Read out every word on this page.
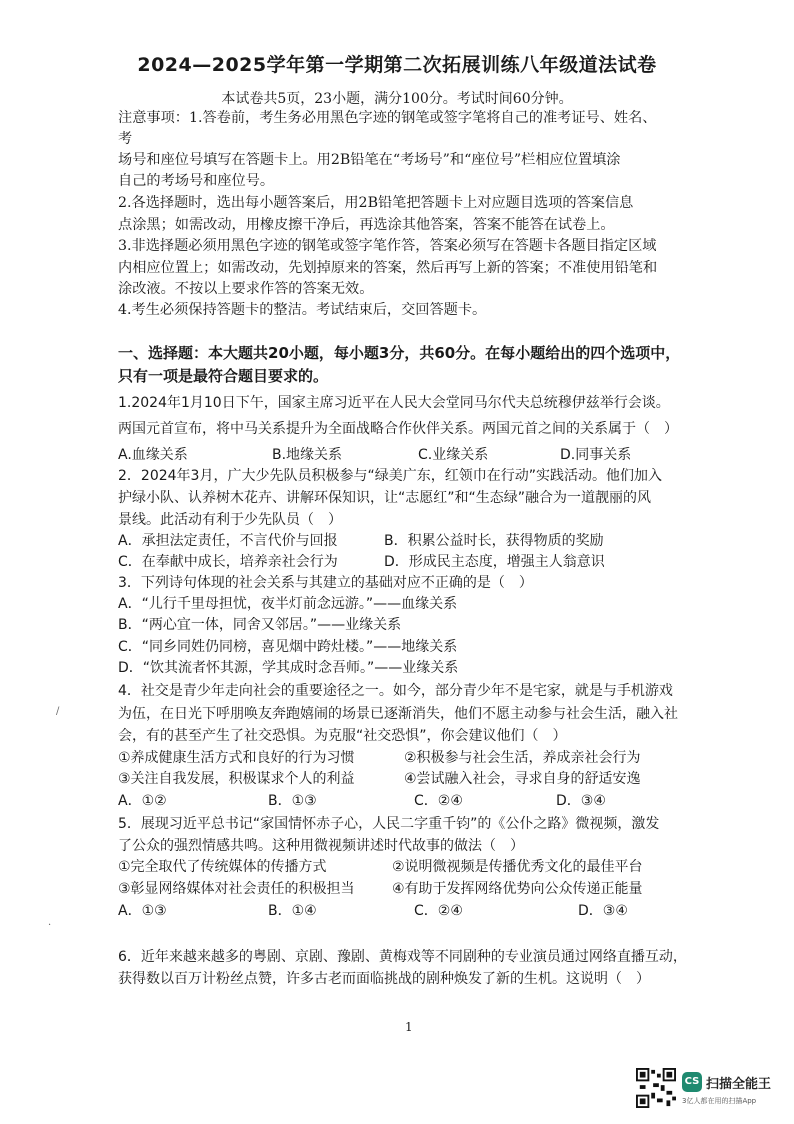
2024—2025学年第一学期第二次拓展训练八年级道法试卷
本试卷共5页，23小题，满分100分。考试时间60分钟。
注意事项：1.答卷前，考生务必用黑色字迹的钢笔或签字笔将自己的准考证号、姓名、
考
场号和座位号填写在答题卡上。用2B铅笔在“考场号”和“座位号”栏相应位置填涂
自己的考场号和座位号。
2.各选择题时，选出每小题答案后，用2B铅笔把答题卡上对应题目选项的答案信息
点涂黑；如需改动，用橡皮擦干净后，再选涂其他答案，答案不能答在试卷上。
3.非选择题必须用黑色字迹的钢笔或签字笔作答，答案必须写在答题卡各题目指定区域
内相应位置上；如需改动，先划掉原来的答案，然后再写上新的答案；不准使用铅笔和
涂改液。不按以上要求作答的答案无效。
4.考生必须保持答题卡的整洁。考试结束后，交回答题卡。
一、选择题：本大题共20小题，每小题3分，共60分。在每小题给出的四个选项中，
只有一项是最符合题目要求的。
1.2024年1月10日下午，国家主席习近平在人民大会堂同马尔代夫总统穆伊兹举行会谈。
两国元首宣布，将中马关系提升为全面战略合作伙伴关系。两国元首之间的关系属于（　）
A.血缘关系	B.地缘关系	C.业缘关系	D.同事关系
2．2024年3月，广大少先队员积极参与“绿美广东，红领巾在行动”实践活动。他们加入
护绿小队、认养树木花卉、讲解环保知识，让“志愿红”和“生态绿”融合为一道靓丽的风
景线。此活动有利于少先队员（　）
A．承担法定责任，不言代价与回报	B．积累公益时长，获得物质的奖励
C．在奉献中成长，培养亲社会行为	D．形成民主态度，增强主人翁意识
3．下列诗句体现的社会关系与其建立的基础对应不正确的是（　）
A．“儿行千里母担忧，夜半灯前念远游。”——血缘关系
B．“两心宜一体，同舍又邻居。”——业缘关系
C．“同乡同姓仍同榜，喜见烟中跨灶楼。”——地缘关系
D．“饮其流者怀其源，学其成时念吾师。”——业缘关系
4．社交是青少年走向社会的重要途径之一。如今，部分青少年不是宅家，就是与手机游戏
为伍，在日光下呼朋唤友奔跑嬉闹的场景已逐渐消失，他们不愿主动参与社会生活，融入社
会，有的甚至产生了社交恐惧。为克服“社交恐惧”，你会建议他们（　）
①养成健康生活方式和良好的行为习惯	②积极参与社会生活，养成亲社会行为
③关注自我发展，积极谋求个人的利益	④尝试融入社会，寻求自身的舒适安逸
A．①②	B．①③	C．②④	D．③④
5．展现习近平总书记“家国情怀赤子心，人民二字重千钧”的《公仆之路》微视频，激发
了公众的强烈情感共鸣。这种用微视频讲述时代故事的做法（　）
①完全取代了传统媒体的传播方式	②说明微视频是传播优秀文化的最佳平台
③彰显网络媒体对社会责任的积极担当	④有助于发挥网络优势向公众传递正能量
A．①③	B．①④	C．②④	D．③④
6．近年来越来越多的粤剧、京剧、豫剧、黄梅戏等不同剧种的专业演员通过网络直播互动，
获得数以百万计粉丝点赞，许多古老而面临挑战的剧种焕发了新的生机。这说明（　）
/
·
1
CS 扫描全能王
3亿人都在用的扫描App
